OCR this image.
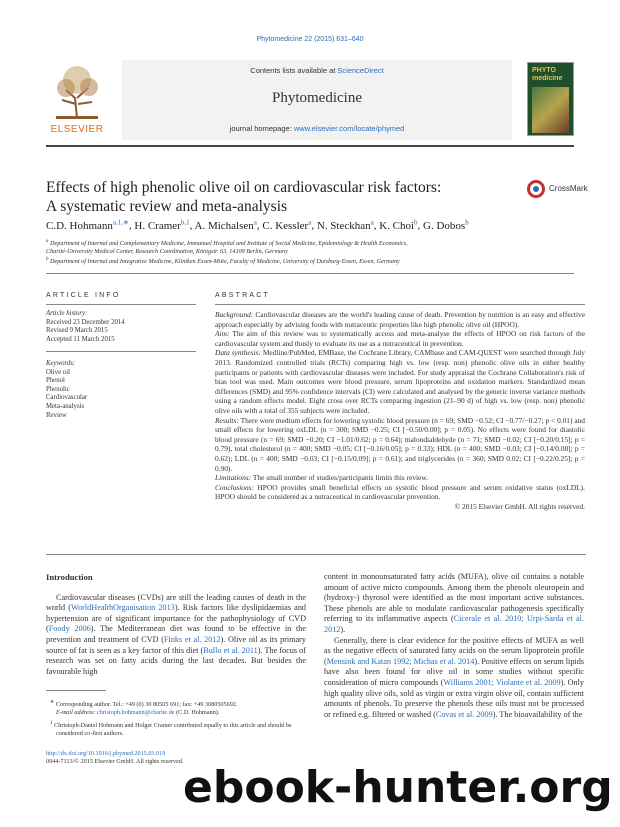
Phytomedicine 22 (2015) 631–640
ELSEVIER
Contents lists available at ScienceDirect
Phytomedicine
journal homepage: www.elsevier.com/locate/phymed
PHYTO medicine
Effects of high phenolic olive oil on cardiovascular risk factors:
A systematic review and meta-analysis
CrossMark
C.D. Hohmann$^{a,1,∗}$, H. Cramer$^{b,1}$, A. Michalsen$^a$, C. Kessler$^a$, N. Steckhan$^a$, K. Choi$^b$, G. Dobos$^b$
$^a$ Department of Internal and Complementary Medicine, Immanuel Hospital and Institute of Social Medicine, Epidemiology & Health Economics,
Charité-University Medical Center, Research Coordination, Königstr. 63, 14109 Berlin, Germany
$^b$ Department of Internal and Integrative Medicine, Kliniken Essen-Mitte, Faculty of Medicine, University of Duisburg-Essen, Essen, Germany
ARTICLE INFO	ABSTRACT
Article history:
Received 23 December 2014
Revised 9 March 2015
Accepted 11 March 2015
Keywords:
Olive oil
Phenol
Phenolic
Cardiovascular
Meta-analysis
Review

Background: Cardiovascular diseases are the world's leading cause of death. Prevention by nutrition is an easy and effective approach especially by advising foods with nutraceutic properties like high phenolic olive oil (HPOO).

Aim: The aim of this review was to systematically access and meta-analyse the effects of HPOO on risk factors of the cardiovascular system and thusly to evaluate its use as a nutraceutical in prevention.

Data synthesis: Medline/PubMed, EMBase, the Cochrane Library, CAMbase and CAM-QUEST were searched through July 2013. Randomized controlled trials (RCTs) comparing high vs. low (resp. non) phenolic olive oils in either healthy participants or patients with cardiovascular diseases were included. For study appraisal the Cochrane Collaboration's risk of bias tool was used. Main outcomes were blood pressure, serum lipoproteins and oxidation markers. Standardized mean differences (SMD) and 95% confidence intervals (CI) were calculated and analysed by the generic inverse variance methods using a random effects model. Eight cross over RCTs comparing ingestion (21–90 d) of high vs. low (resp. non) phenolic olive oils with a total of 355 subjects were included.

Results: There were medium effects for lowering systolic blood pressure (n = 69; SMD −0.52; CI −0.77/−0.27; p < 0.01) and small effects for lowering oxLDL (n = 300; SMD −0.25; CI [−0.50/0.00]; p = 0.05). No effects were found for diastolic blood pressure (n = 69; SMD −0.20; CI −1.01/0.62; p = 0.64); malondialdehyde (n = 71; SMD −0.02; CI [−0.20/0.15]; p = 0.79), total cholesterol (n = 400; SMD −0.05; CI [−0.16/0.05]; p = 0.33); HDL (n = 400; SMD −0.03; CI [−0.14/0.08]; p = 0.62); LDL (n = 400; SMD −0.03; CI [−0.15/0.09]; p = 0.61); and triglycerides (n = 360; SMD 0.02; CI [−0.22/0.25]; p = 0.90).

Limitations: The small number of studies/participants limits this review.

Conclusions: HPOO provides small beneficial effects on systolic blood pressure and serum oxidative status (oxLDL). HPOO should be considered as a nutraceutical in cardiovascular prevention.

© 2015 Elsevier GmbH. All rights reserved.

Introduction

Cardiovascular diseases (CVDs) are still the leading causes of death in the world (WorldHealthOrganisation 2013). Risk factors like dyslipidaemias and hypertension are of significant importance for the pathophysiology of CVD (Foody 2006). The Mediterranean diet was found to be effective in the prevention and treatment of CVD (Finks et al. 2012). Olive oil as its primary source of fat is seen as a key factor of this diet (Bullo et al. 2011). The focus of research was set on fatty acids during the last decades. But besides the favourable high

content in monounsaturated fatty acids (MUFA), olive oil contains a notable amount of active micro compounds. Among them the phenols oleuropein and (hydroxy-) thyrosol were identified as the most important active substances. These phenols are able to modulate cardiovascular pathogenesis specifically referring to its inflammative aspects (Cicerale et al. 2010; Urpi-Sarda et al. 2012).

Generally, there is clear evidence for the positive effects of MUFA as well as the negative effects of saturated fatty acids on the serum lipoprotein profile (Mensink and Katan 1992; Michas et al. 2014). Positive effects on serum lipids have also been found for olive oil in some studies without specific consideration of micro compounds (Williams 2001; Violante et al. 2009). Only high quality olive oils, sold as virgin or extra virgin olive oil, contain sufficient amounts of phenols. To preserve the phenols these oils must not be processed or refined e.g. filtered or washed (Covas et al. 2009). The bioavailability of the

∗ Corresponding author. Tel.: +49 (0) 30 80505 691; fax: +49 3080505692.
E-mail address: christoph.hohmann@charite.de (C.D. Hohmann).
$^1$ Christoph-Daniel Hohmann and Holger Cramer contributed equally to this article and should be considered co-first authors.
http://dx.doi.org/10.1016/j.phymed.2015.03.019
0944-7113/© 2015 Elsevier GmbH. All rights reserved.
ebook-hunter.org
